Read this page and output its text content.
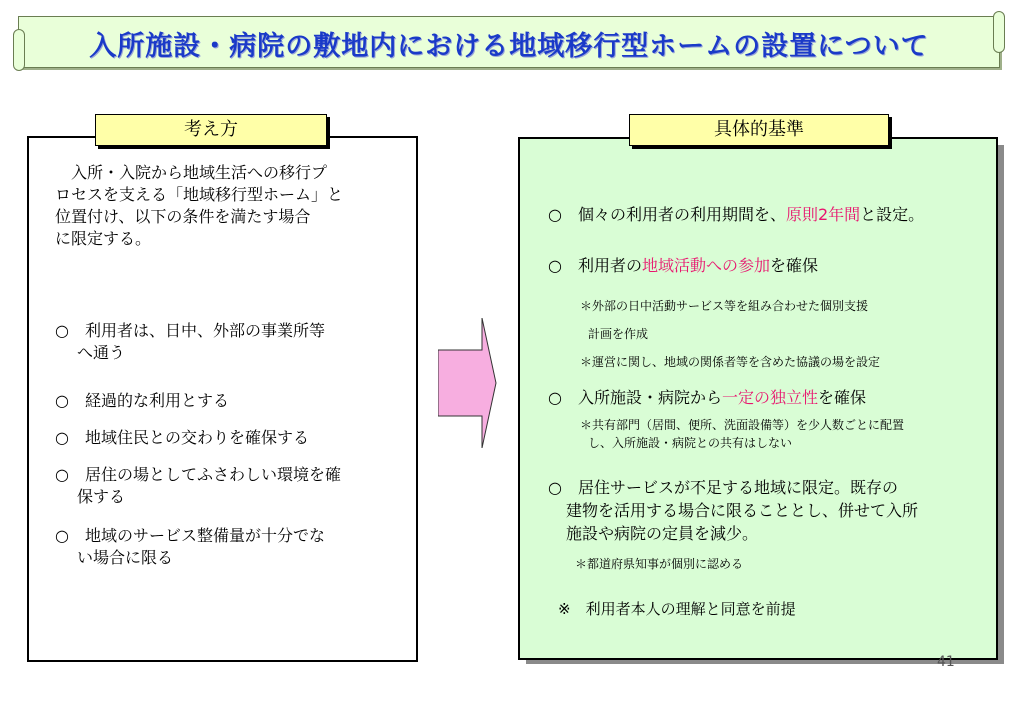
入所施設・病院の敷地内における地域移行型ホームの設置について
考え方
入所・入院から地域生活への移行プ
ロセスを支える「地域移行型ホーム」と
位置付け、以下の条件を満たす場合
に限定する。
○　利用者は、日中、外部の事業所等
へ通う
○　経過的な利用とする
○　地域住民との交わりを確保する
○　居住の場としてふさわしい環境を確
保する
○　地域のサービス整備量が十分でな
い場合に限る
具体的基準
○　個々の利用者の利用期間を、原則2年間と設定。
○　利用者の地域活動への参加を確保
＊外部の日中活動サービス等を組み合わせた個別支援
計画を作成
＊運営に関し、地域の関係者等を含めた協議の場を設定
○　入所施設・病院から一定の独立性を確保
＊共有部門（居間、便所、洗面設備等）を少人数ごとに配置
し、入所施設・病院との共有はしない
○　居住サービスが不足する地域に限定。既存の
建物を活用する場合に限ることとし、併せて入所
施設や病院の定員を減少。
＊都道府県知事が個別に認める
※　利用者本人の理解と同意を前提
41
